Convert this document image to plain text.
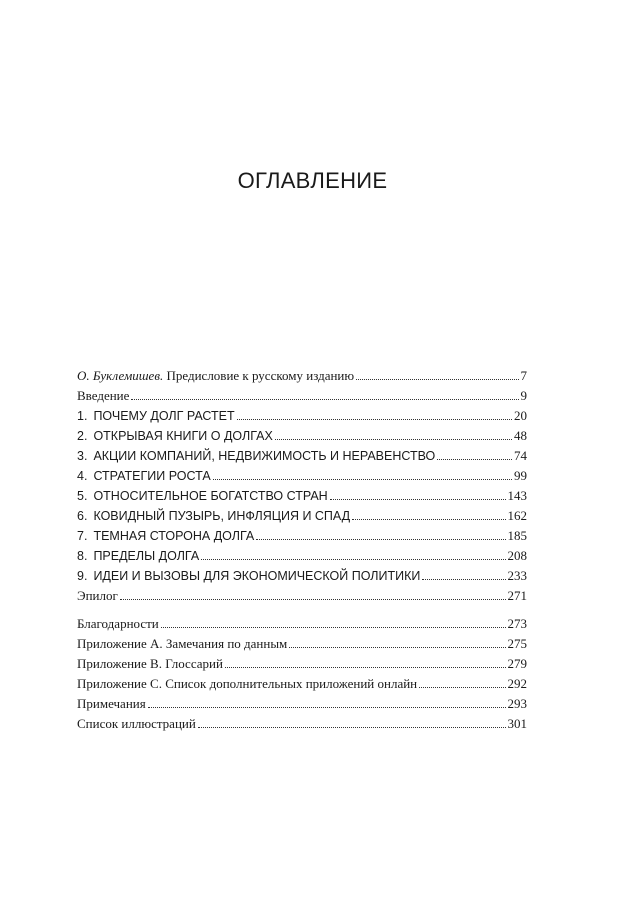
ОГЛАВЛЕНИЕ
О. Буклемишев. Предисловие к русскому изданию	7
Введение	9
1. ПОЧЕМУ ДОЛГ РАСТЕТ	20
2. ОТКРЫВАЯ КНИГИ О ДОЛГАХ	48
3. АКЦИИ КОМПАНИЙ, НЕДВИЖИМОСТЬ И НЕРАВЕНСТВО	74
4. СТРАТЕГИИ РОСТА	99
5. ОТНОСИТЕЛЬНОЕ БОГАТСТВО СТРАН	143
6. КОВИДНЫЙ ПУЗЫРЬ, ИНФЛЯЦИЯ И СПАД	162
7. ТЕМНАЯ СТОРОНА ДОЛГА	185
8. ПРЕДЕЛЫ ДОЛГА	208
9. ИДЕИ И ВЫЗОВЫ ДЛЯ ЭКОНОМИЧЕСКОЙ ПОЛИТИКИ	233
Эпилог	271
Благодарности	273
Приложение А. Замечания по данным	275
Приложение В. Глоссарий	279
Приложение С. Список дополнительных приложений онлайн	292
Примечания	293
Список иллюстраций	301
